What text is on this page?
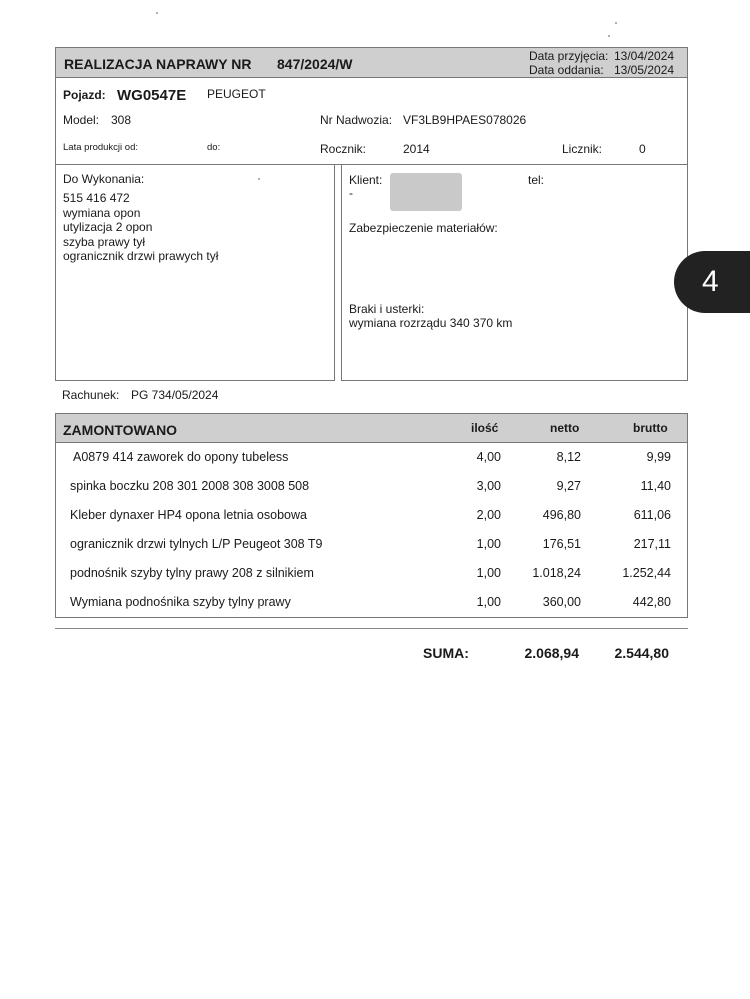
REALIZACJA NAPRAWY NR 847/2024/W	Data przyjęcia: 13/04/2024
Data oddania: 13/05/2024
Pojazd: WG0547E PEUGEOT
Model: 308	Nr Nadwozia: VF3LB9HPAES078026
Lata produkcji od:	do:	Rocznik:	2014	Licznik:	0
Do Wykonania:
515 416 472
wymiana opon
utylizacja 2 opon
szyba prawy tył
ogranicznik drzwi prawych tył
Klient:
-
tel:
Zabezpieczenie materiałów:
Braki i usterki:
wymiana rozrządu 340 370 km
Rachunek: PG 734/05/2024
ZAMONTOWANO	ilość	netto	brutto
A0879 414 zaworek do opony tubeless	4,00	8,12	9,99
spinka boczku 208 301 2008 308 3008 508	3,00	9,27	11,40
Kleber dynaxer HP4 opona letnia osobowa	2,00	496,80	611,06
ogranicznik drzwi tylnych L/P Peugeot 308 T9	1,00	176,51	217,11
podnośnik szyby tylny prawy 208 z silnikiem	1,00	1.018,24	1.252,44
Wymiana podnośnika szyby tylny prawy	1,00	360,00	442,80
SUMA:	2.068,94	2.544,80
4
